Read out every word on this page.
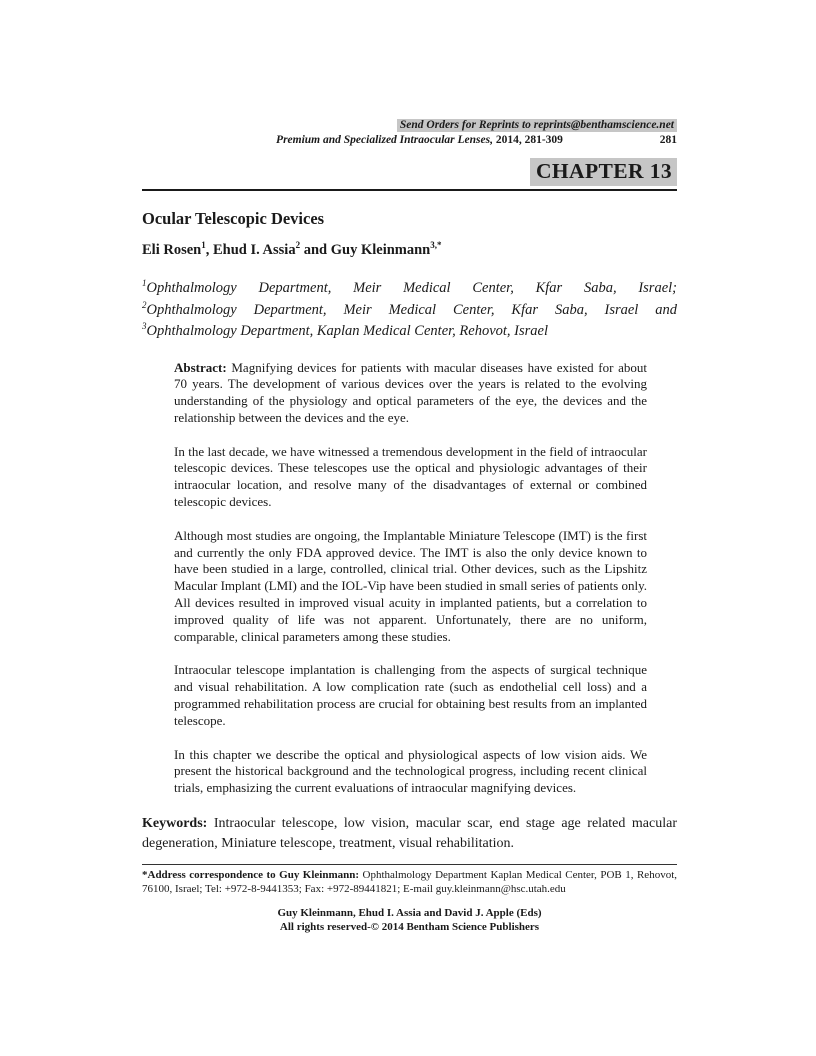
Send Orders for Reprints to reprints@benthamscience.net
Premium and Specialized Intraocular Lenses, 2014, 281-309	281
CHAPTER 13
Ocular Telescopic Devices
Eli Rosen$^1$, Ehud I. Assia$^2$ and Guy Kleinmann$^{3,*}$
$^1$Ophthalmology Department, Meir Medical Center, Kfar Saba, Israel;
$^2$Ophthalmology Department, Meir Medical Center, Kfar Saba, Israel and
$^3$Ophthalmology Department, Kaplan Medical Center, Rehovot, Israel

Abstract: Magnifying devices for patients with macular diseases have existed for about 70 years. The development of various devices over the years is related to the evolving understanding of the physiology and optical parameters of the eye, the devices and the relationship between the devices and the eye.

In the last decade, we have witnessed a tremendous development in the field of intraocular telescopic devices. These telescopes use the optical and physiologic advantages of their intraocular location, and resolve many of the disadvantages of external or combined telescopic devices.

Although most studies are ongoing, the Implantable Miniature Telescope (IMT) is the first and currently the only FDA approved device. The IMT is also the only device known to have been studied in a large, controlled, clinical trial. Other devices, such as the Lipshitz Macular Implant (LMI) and the IOL-Vip have been studied in small series of patients only. All devices resulted in improved visual acuity in implanted patients, but a correlation to improved quality of life was not apparent. Unfortunately, there are no uniform, comparable, clinical parameters among these studies.

Intraocular telescope implantation is challenging from the aspects of surgical technique and visual rehabilitation. A low complication rate (such as endothelial cell loss) and a programmed rehabilitation process are crucial for obtaining best results from an implanted telescope.

In this chapter we describe the optical and physiological aspects of low vision aids. We present the historical background and the technological progress, including recent clinical trials, emphasizing the current evaluations of intraocular magnifying devices.

Keywords: Intraocular telescope, low vision, macular scar, end stage age related macular degeneration, Miniature telescope, treatment, visual rehabilitation.

*Address correspondence to Guy Kleinmann: Ophthalmology Department Kaplan Medical Center, POB 1, Rehovot, 76100, Israel; Tel: +972-8-9441353; Fax: +972-89441821; E-mail guy.kleinmann@hsc.utah.edu

Guy Kleinmann, Ehud I. Assia and David J. Apple (Eds)
All rights reserved-© 2014 Bentham Science Publishers
